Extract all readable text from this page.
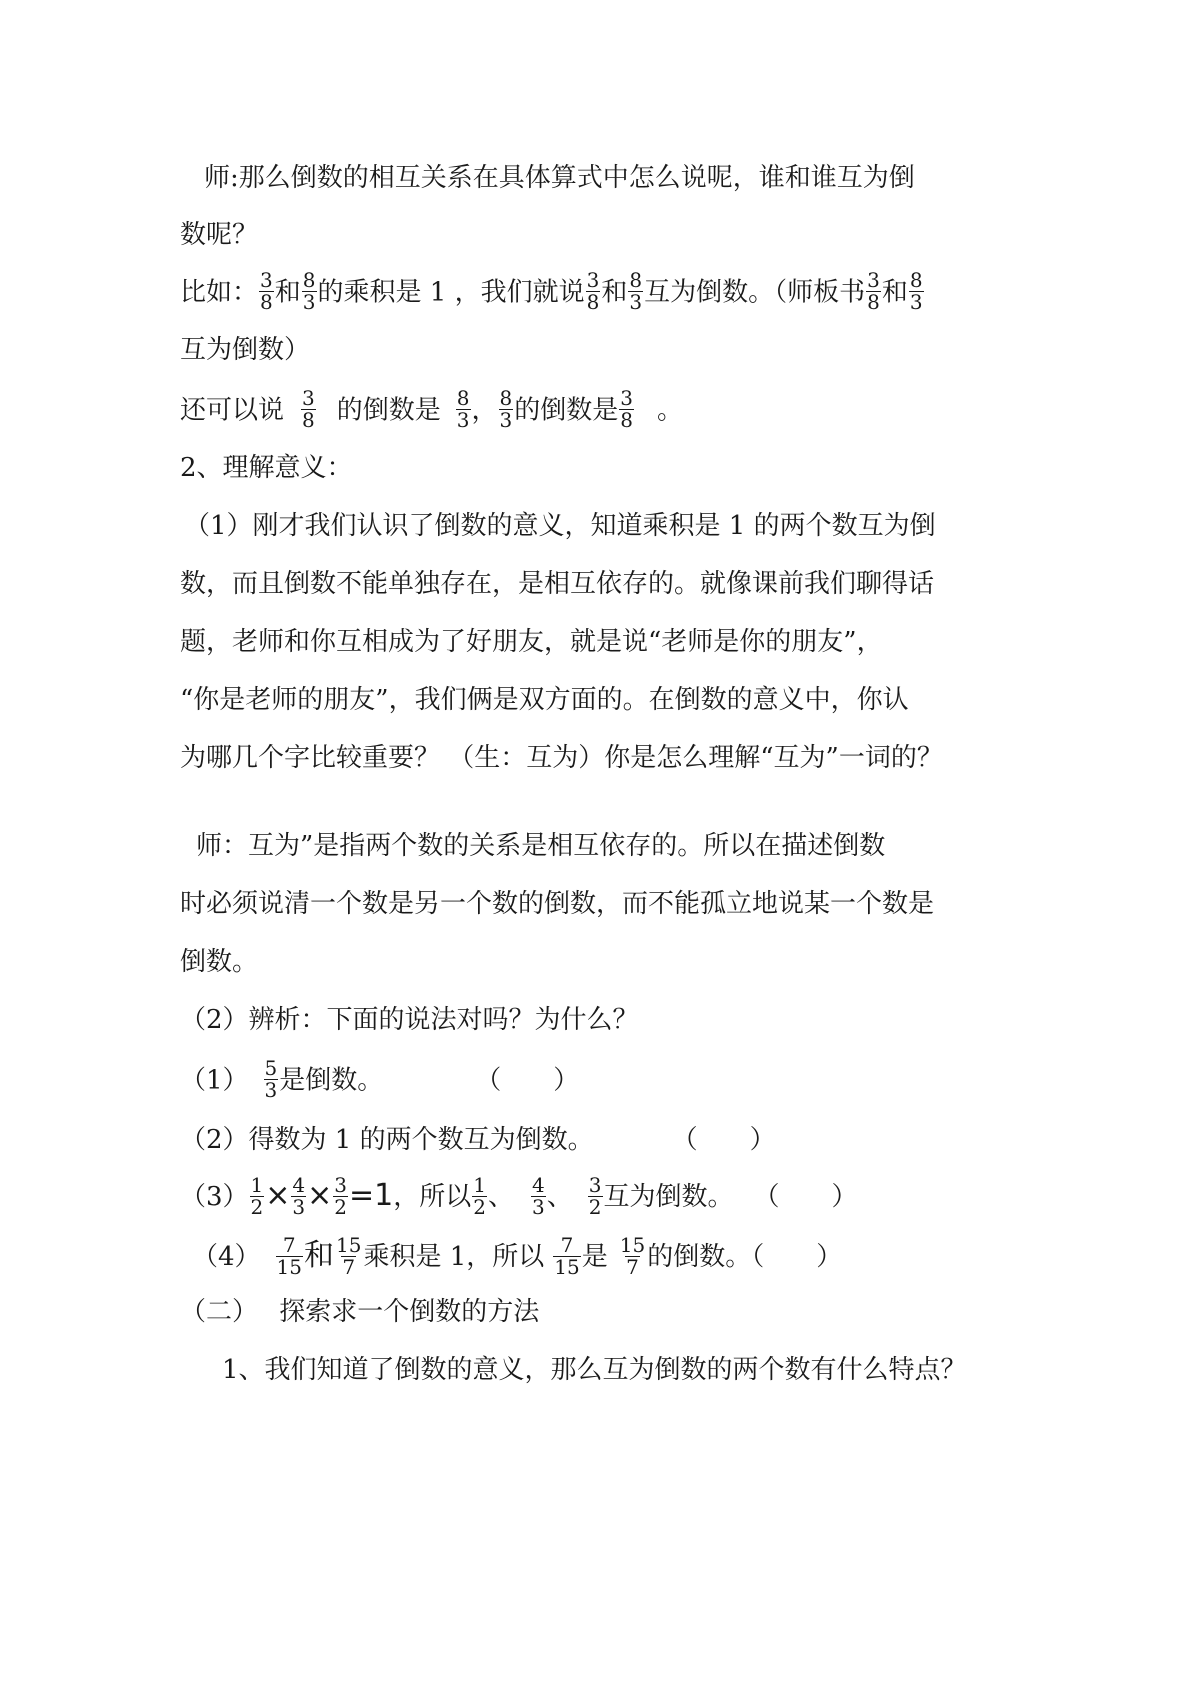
师:那么倒数的相互关系在具体算式中怎么说呢，谁和谁互为倒
数呢？
比如： $\frac{3}{8}$ 和 $\frac{8}{3}$ 的乘积是 1 ，我们就说 $\frac{3}{8}$ 和 $\frac{8}{3}$ 互为倒数。（师板书 $\frac{3}{8}$ 和 $\frac{8}{3}$
互为倒数）
还可以说 $\frac{3}{8}$ 的倒数是 $\frac{8}{3}$ ， $\frac{8}{3}$ 的倒数是 $\frac{3}{8}$ 。
2、理解意义：
（1）刚才我们认识了倒数的意义，知道乘积是 1 的两个数互为倒
数，而且倒数不能单独存在，是相互依存的。就像课前我们聊得话
题，老师和你互相成为了好朋友，就是说“老师是你的朋友”，
“你是老师的朋友”，我们俩是双方面的。在倒数的意义中，你认
为哪几个字比较重要？ （生：互为）你是怎么理解“互为”一词的？
师：互为”是指两个数的关系是相互依存的。所以在描述倒数
时必须说清一个数是另一个数的倒数，而不能孤立地说某一个数是
倒数。
（2）辨析：下面的说法对吗？为什么？
$(1) \frac{5}{3}$ 是倒数。	（　　）
（2）得数为 1 的两个数互为倒数。	（　　）
$(3) \frac{1}{2} \times \frac{4}{3} \times \frac{3}{2} =1$，所以 $\frac{1}{2}$ 、 $\frac{4}{3}$ 、 $\frac{3}{2}$ 互为倒数。 （　　）
$(4) \frac{7}{15}$ 和 $\frac{15}{7}$ 乘积是 1，所以 $\frac{7}{15}$ 是 $\frac{15}{7}$ 的倒数。（　　）
（二）　 探索求一个倒数的方法
1、我们知道了倒数的意义，那么互为倒数的两个数有什么特点？
